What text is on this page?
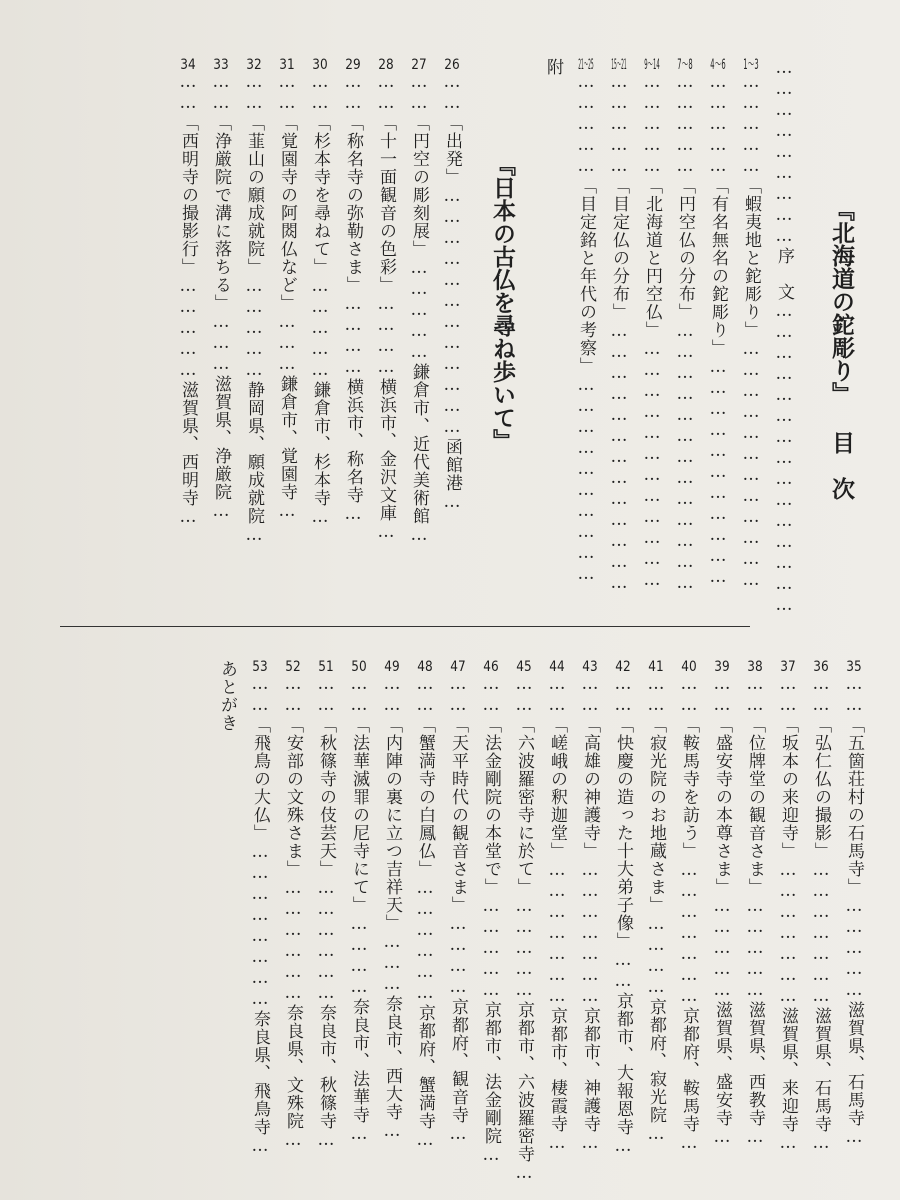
『北海道の鉈彫り』 目　次
………………………序　文………………………………………
1〜3……………「蝦夷地と鉈彫り」………………………………
4〜6……………「有名無名の鉈彫り」……………………………
7〜8……………「円空仏の分布」…………………………………
9〜14……………「北海道と円空仏」………………………………
15〜21……………「目定仏の分布」…………………………………
21〜25……………「目定銘と年代の考察」…………………………
附
『日本の古仏を尋ね歩いて』
26……「出発」………………………………函館港…
27……「円空の彫刻展」……………鎌倉市、近代美術館…
28……「十一面観音の色彩」…………横浜市、金沢文庫…
29……「称名寺の弥勒さま」…………横浜市、称名寺…
30……「杉本寺を尋ねて」……………鎌倉市、杉本寺…
31……「覚園寺の阿閦仏など」………鎌倉市、覚園寺…
32……「韮山の願成就院」……………静岡県、願成就院…
33……「浄厳院で溝に落ちる」………滋賀県、浄厳院…
34……「西明寺の撮影行」……………滋賀県、西明寺…
35……「五箇荘村の石馬寺」……………滋賀県、石馬寺…
36……「弘仁仏の撮影」…………………滋賀県、石馬寺…
37……「坂本の来迎寺」…………………滋賀県、来迎寺…
38……「位牌堂の観音さま」……………滋賀県、西教寺…
39……「盛安寺の本尊さま」……………滋賀県、盛安寺…
40……「鞍馬寺を訪う」…………………京都府、鞍馬寺…
41……「寂光院のお地蔵さま」…………京都府、寂光院…
42……「快慶の造った十大弟子像」……京都市、大報恩寺…
43……「高雄の神護寺」…………………京都市、神護寺…
44……「嵯峨の釈迦堂」…………………京都市、棲霞寺…
45……「六波羅密寺に於て」……………京都市、六波羅密寺…
46……「法金剛院の本堂で」……………京都市、法金剛院…
47……「天平時代の観音さま」…………京都府、観音寺…
48……「蟹満寺の白鳳仏」………………京都府、蟹満寺…
49……「内陣の裏に立つ吉祥天」………奈良市、西大寺…
50……「法華滅罪の尼寺にて」…………奈良市、法華寺…
51……「秋篠寺の伎芸天」………………奈良市、秋篠寺…
52……「安部の文殊さま」………………奈良県、文殊院…
53……「飛鳥の大仏」……………………奈良県、飛鳥寺…
あとがき
